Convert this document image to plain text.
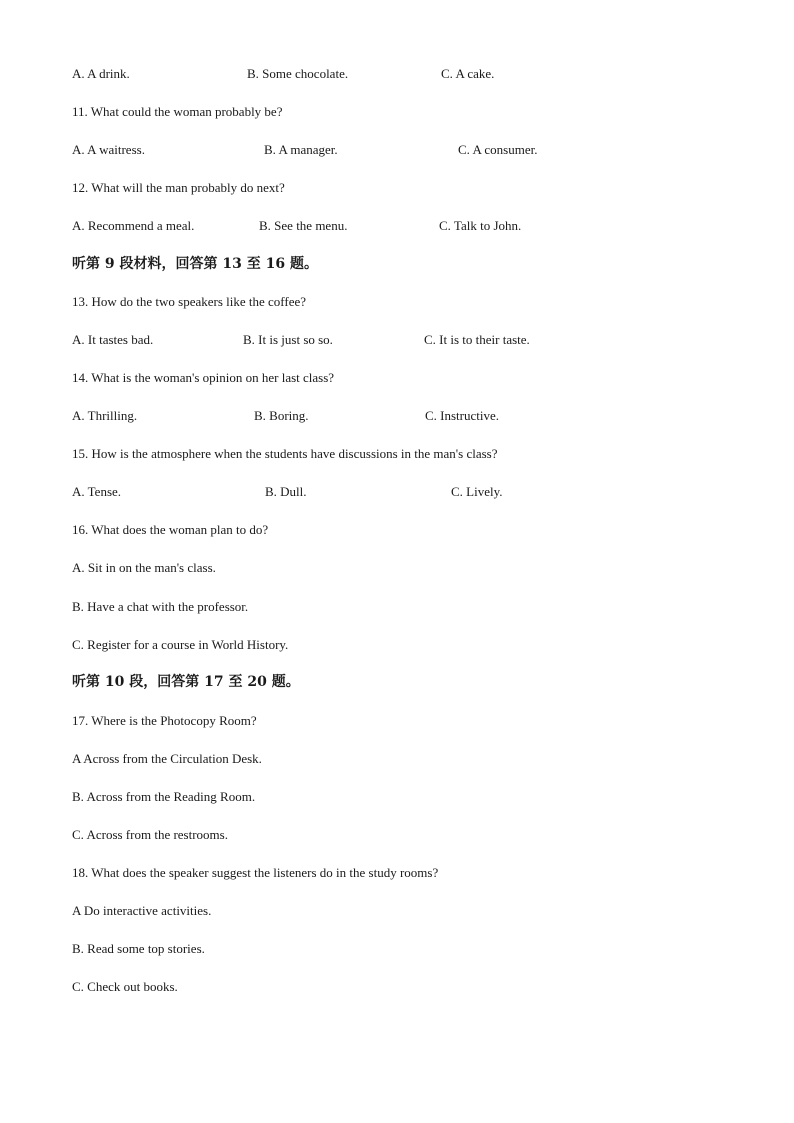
A. A drink.	B. Some chocolate.	C. A cake.
11. What could the woman probably be?
A. A waitress.	B. A manager.	C. A consumer.
12. What will the man probably do next?
A. Recommend a meal.	B. See the menu.	C. Talk to John.
听第 9 段材料，回答第 13 至 16 题。
13. How do the two speakers like the coffee?
A. It tastes bad.	B. It is just so so.	C. It is to their taste.
14. What is the woman's opinion on her last class?
A. Thrilling.	B. Boring.	C. Instructive.
15. How is the atmosphere when the students have discussions in the man's class?
A. Tense.	B. Dull.	C. Lively.
16. What does the woman plan to do?
A. Sit in on the man's class.
B. Have a chat with the professor.
C. Register for a course in World History.
听第 10 段，回答第 17 至 20 题。
17. Where is the Photocopy Room?
A Across from the Circulation Desk.
B. Across from the Reading Room.
C. Across from the restrooms.
18. What does the speaker suggest the listeners do in the study rooms?
A Do interactive activities.
B. Read some top stories.
C. Check out books.
